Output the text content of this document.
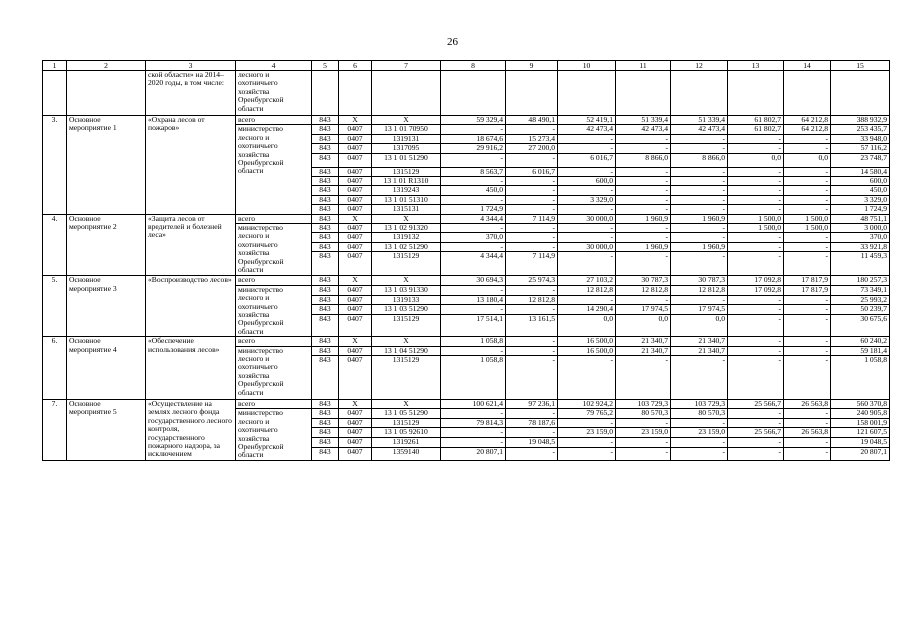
26
1	2	3	4	5	6	7	8	9	10	11	12	13	14	15
		ской области» на 2014–2020 годы, в том числе:	лесного и охотничьего хозяйства Оренбургской области											
3.	Основное мероприятие 1	«Охрана лесов от пожаров»	всего	843	Х	Х	59 329,4	48 490,1	52 419,1	51 339,4	51 339,4	61 802,7	64 212,8	388 932,9
			министерство лесного и охотничьего хозяйства Оренбургской области	843	0407	13 1 01 70950	-	-	42 473,4	42 473,4	42 473,4	61 802,7	64 212,8	253 435,7
				843	0407	1319131	18 674,6	15 273,4	-	-	-	-	-	33 948,0
				843	0407	1317095	29 916,2	27 200,0	-	-	-	-	-	57 116,2
				843	0407	13 1 01 51290	-	-	6 016,7	8 866,0	8 866,0	0,0	0,0	23 748,7
				843	0407	1315129	8 563,7	6 016,7	-	-	-	-	-	14 580,4
				843	0407	13 1 01 R1310	-	-	600,0	-	-	-	-	600,0
				843	0407	1319243	450,0	-	-	-	-	-	-	450,0
				843	0407	13 1 01 51310	-	-	3 329,0	-	-	-	-	3 329,0
				843	0407	1315131	1 724,9	-	-	-	-	-	-	1 724,9
4.	Основное мероприятие 2	«Защита лесов от вредителей и болезней леса»	всего	843	Х	Х	4 344,4	7 114,9	30 000,0	1 960,9	1 960,9	1 500,0	1 500,0	48 751,1
			министерство лесного и охотничьего хозяйства Оренбургской области	843	0407	13 1 02 91320	-	-	-	-	-	1 500,0	1 500,0	3 000,0
				843	0407	1319132	370,0	-	-	-	-	-	-	370,0
				843	0407	13 1 02 51290	-	-	30 000,0	1 960,9	1 960,9	-	-	33 921,8
				843	0407	1315129	4 344,4	7 114,9	-	-	-	-	-	11 459,3
5.	Основное мероприятие 3	«Воспроизводство лесов»	всего	843	Х	Х	30 694,3	25 974,3	27 103,2	30 787,3	30 787,3	17 092,8	17 817,9	180 257,3
			министерство лесного и охотничьего хозяйства Оренбургской области	843	0407	13 1 03 91330	-	-	12 812,8	12 812,8	12 812,8	17 092,8	17 817,9	73 349,1
				843	0407	1319133	13 180,4	12 812,8	-	-	-	-	-	25 993,2
				843	0407	13 1 03 51290	-	-	14 290,4	17 974,5	17 974,5	-	-	50 239,7
				843	0407	1315129	17 514,1	13 161,5	0,0	0,0	0,0	-	-	30 675,6
6.	Основное мероприятие 4	«Обеспечение использования лесов»	всего	843	Х	Х	1 058,8	-	16 500,0	21 340,7	21 340,7	-	-	60 240,2
			министерство лесного и охотничьего хозяйства Оренбургской области	843	0407	13 1 04 51290	-	-	16 500,0	21 340,7	21 340,7	-	-	59 181,4
				843	0407	1315129	1 058,8	-	-	-	-	-	-	1 058,8
7.	Основное мероприятие 5	«Осуществление на землях лесного фонда государственного лесного контроля, государственного пожарного надзора, за исключением	всего	843	Х	Х	100 621,4	97 236,1	102 924,2	103 729,3	103 729,3	25 566,7	26 563,8	560 370,8
			министерство лесного и охотничьего хозяйства Оренбургской области	843	0407	13 1 05 51290	-	-	79 765,2	80 570,3	80 570,3	-	-	240 905,8
				843	0407	1315129	79 814,3	78 187,6	-	-	-	-	-	158 001,9
				843	0407	13 1 05 92610	-	-	23 159,0	23 159,0	23 159,0	25 566,7	26 563,8	121 607,5
				843	0407	1319261	-	19 048,5	-	-	-	-	-	19 048,5
				843	0407	1359140	20 807,1	-	-	-	-	-	-	20 807,1
